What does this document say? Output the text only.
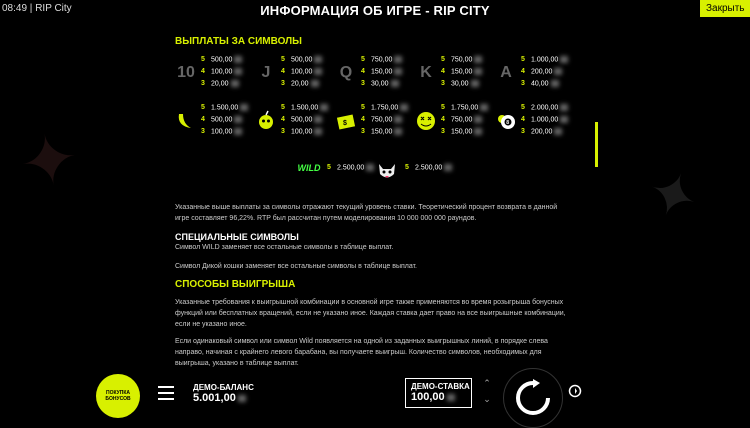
✦	✦
08:49 | RIP City	ИНФОРМАЦИЯ ОБ ИГРЕ - RIP CITY	Закрыть
ВЫПЛАТЫ ЗА СИМВОЛЫ
10
5 500,00
4 100,00
3 20,00
J
5 500,00
4 100,00
3 20,00
Q
5 750,00
4 150,00
3 30,00
K
5 750,00
4 150,00
3 30,00
A
5 1.000,00
4 200,00
3 40,00
5 1.500,00
4 500,00
3 100,00
5 1.500,00
4 500,00
3 100,00
$
5 1.750,00
4 750,00
3 150,00
5 1.750,00
4 750,00
3 150,00
8
5 2.000,00
4 1.000,00
3 200,00
WILD 5 2.500,00	5 2.500,00
Указанные выше выплаты за символы отражают текущий уровень ставки. Теоретический процент возврата в данной игре составляет 96,22%. RTP был рассчитан путем моделирования 10 000 000 000 раундов.
СПЕЦИАЛЬНЫЕ СИМВОЛЫ
Символ WILD заменяет все остальные символы в таблице выплат.
Символ Дикой кошки заменяет все остальные символы в таблице выплат.
СПОСОБЫ ВЫИГРЫША
Указанные требования к выигрышной комбинации в основной игре также применяются во время розыгрыша бонусных функций или бесплатных вращений, если не указано иное. Каждая ставка дает право на все выигрышные комбинации, если не указано иное.
Если одинаковый символ или символ Wild появляется на одной из заданных выигрышных линий, в порядке слева направо, начиная с крайнего левого барабана, вы получаете выигрыш. Количество символов, необходимых для выигрыша, указано в таблице выплат.
ПОКУПКА БОНУСОВ
ДЕМО-БАЛАНС
5.001,00
ДЕМО-СТАВКА
100,00
⌃
⌄
